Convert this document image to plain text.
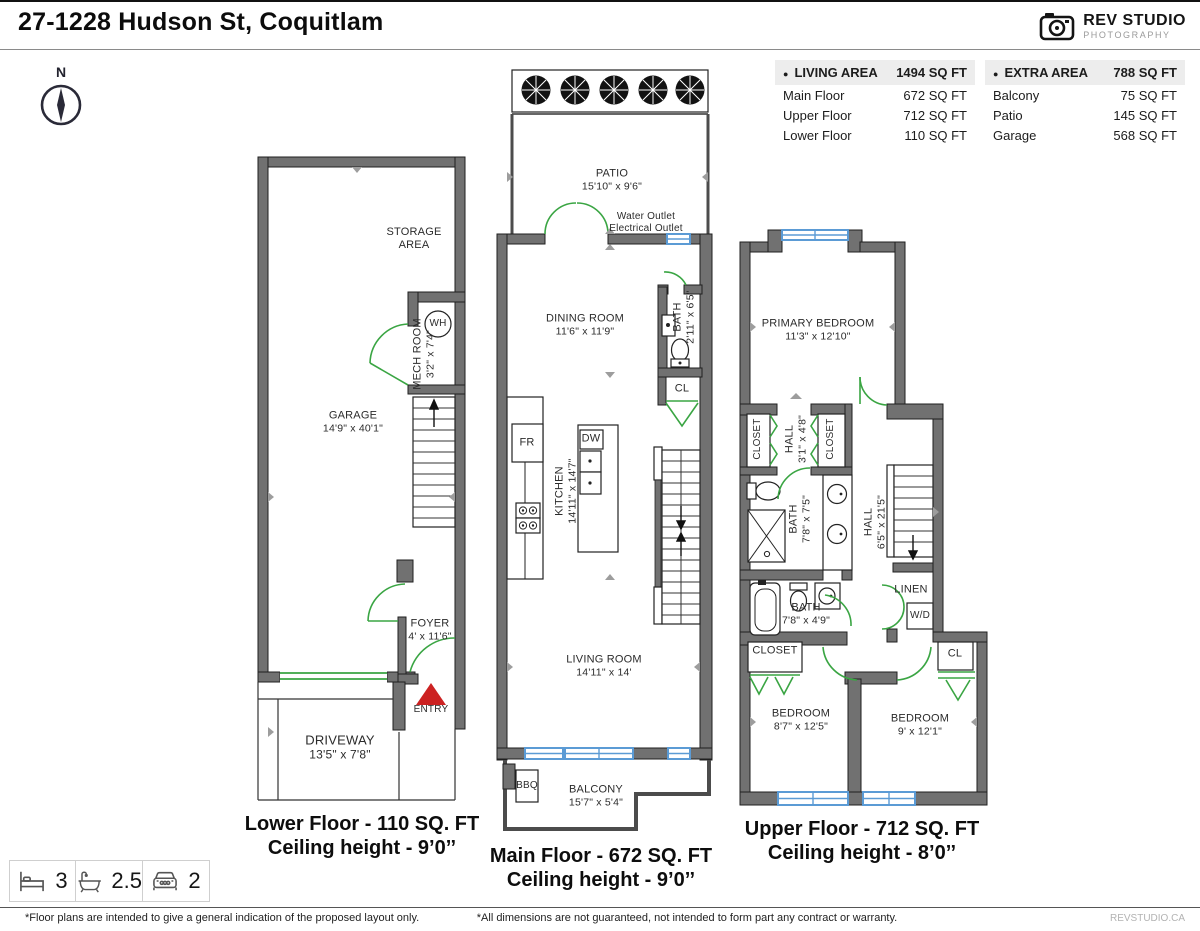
27-1228 Hudson St, Coquitlam	REV STUDIO
PHOTOGRAPHY
N	● LIVING AREA 1494 SQ FT
Main Floor	672 SQ FT
Upper Floor	712 SQ FT
Lower Floor	110 SQ FT
● EXTRA AREA 788 SQ FT
Balcony	75 SQ FT
Patio	145 SQ FT
Garage	568 SQ FT
STORAGE AREA
MECH ROOM 3'2" x 7'4"
WH
GARAGE
14'9" x 40'1"
FOYER
4' x 11'6"
ENTRY
DRIVEWAY
13'5" x 7'8"
PATIO
15'10" x 9'6"
Water Outlet
Electrical Outlet
DINING ROOM
11'6" x 11'9"	BATH 2'11" x 6'5"
CL
FR	DW
KITCHEN 14'11" x 14'7"
LIVING ROOM
14'11" x 14'
BBQ	BALCONY
15'7" x 5'4"
PRIMARY BEDROOM
11'3" x 12'10"
CLOSET HALL 3'1" x 4'8" CLOSET
BATH 7'8" x 7'5"	HALL 6'5" x 21'5"
LINEN
W/D
BATH
7'8" x 4'9"
CLOSET	CL
BEDROOM
8'7" x 12'5"
BEDROOM
9' x 12'1"
Lower Floor - 110 SQ. FT
Ceiling height - 9’0’’	Main Floor - 672 SQ. FT
Ceiling height - 9’0’’
Upper Floor - 712 SQ. FT
Ceiling height - 8’0’’
3 2.5 2
*Floor plans are intended to give a general indication of the proposed layout only.	*All dimensions are not guaranteed, not intended to form part any contract or warranty.	REVSTUDIO.CA
